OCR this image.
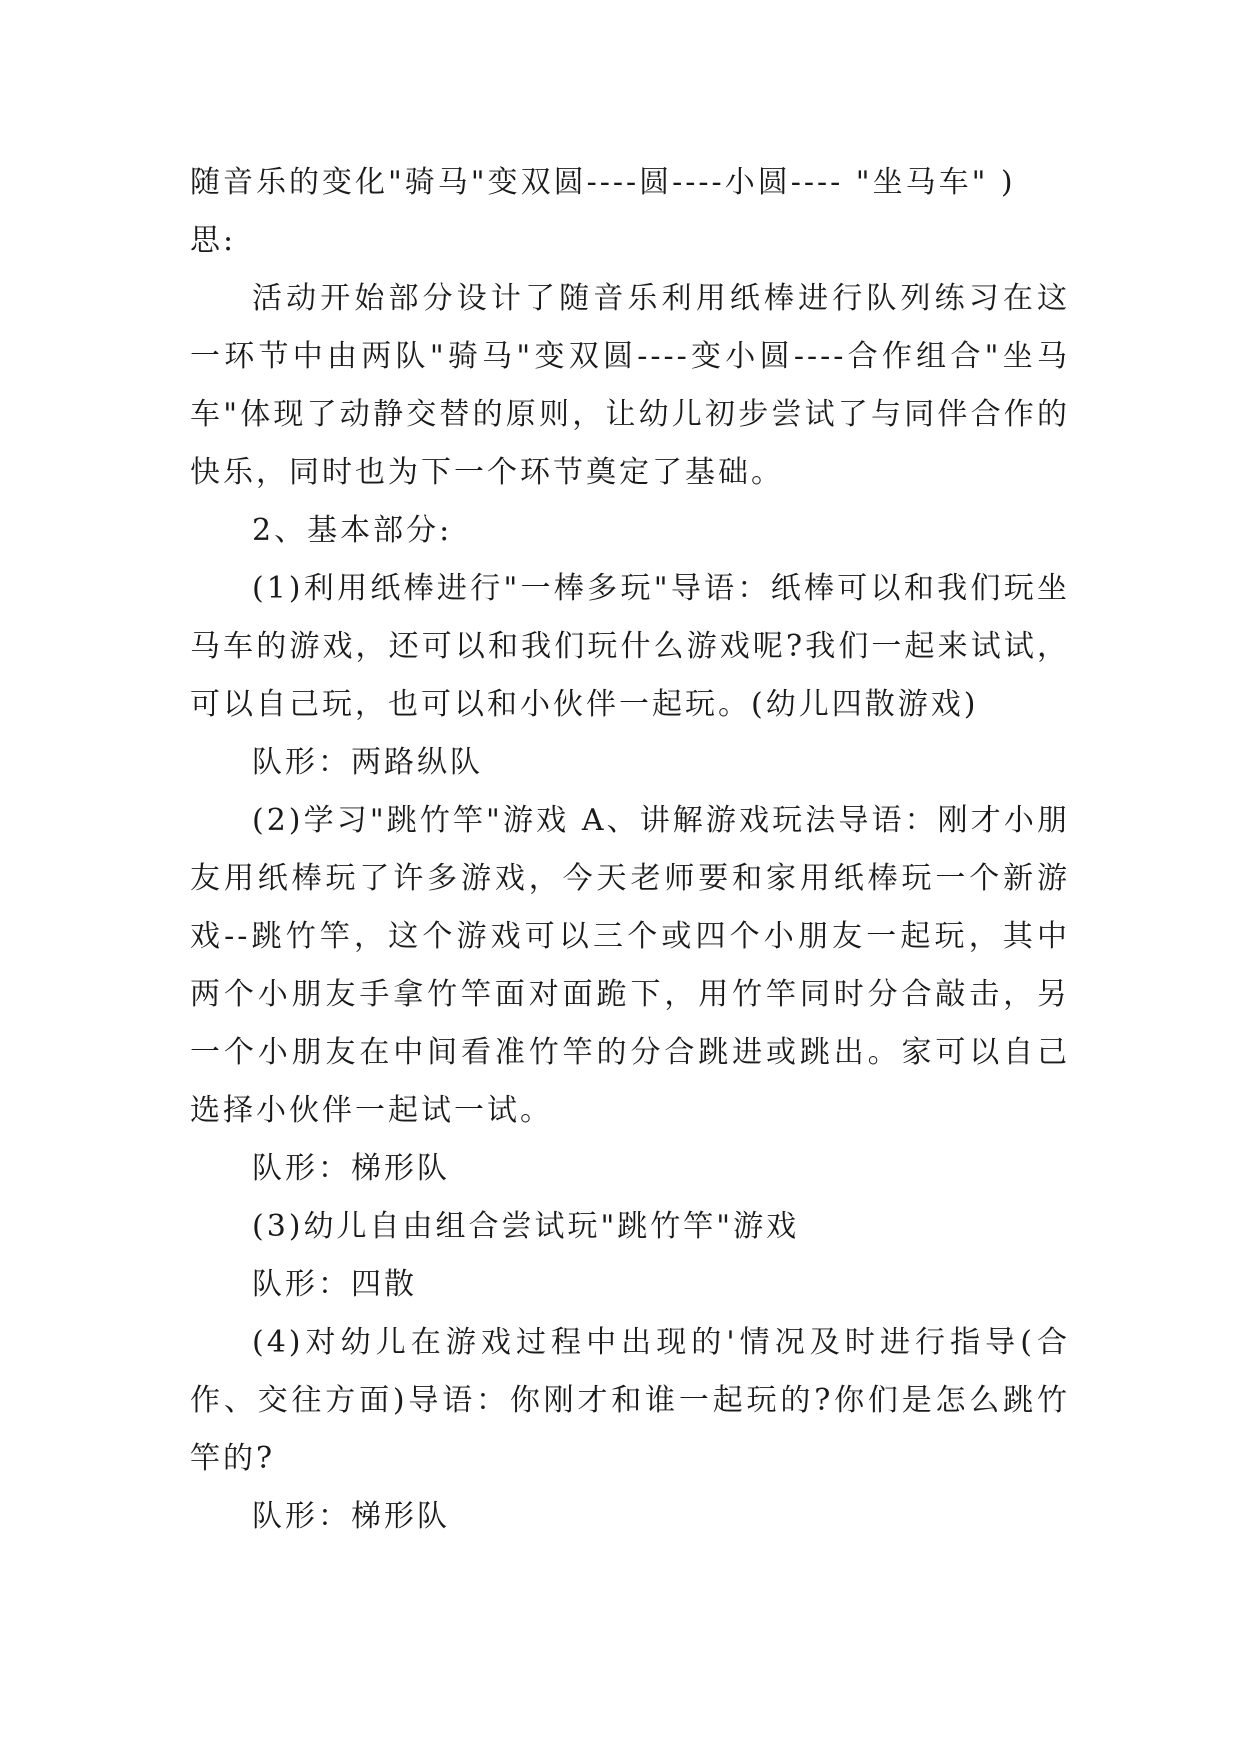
随音乐的变化"骑马"变双圆----圆----小圆---- "坐马车" )

思:

活动开始部分设计了随音乐利用纸棒进行队列练习在这一环节中由两队"骑马"变双圆----变小圆----合作组合"坐马车"体现了动静交替的原则，让幼儿初步尝试了与同伴合作的快乐，同时也为下一个环节奠定了基础。

2、基本部分:

(1)利用纸棒进行"一棒多玩"导语：纸棒可以和我们玩坐马车的游戏，还可以和我们玩什么游戏呢?我们一起来试试，可以自己玩，也可以和小伙伴一起玩。(幼儿四散游戏)

队形：两路纵队

(2)学习"跳竹竿"游戏 A、讲解游戏玩法导语：刚才小朋友用纸棒玩了许多游戏，今天老师要和家用纸棒玩一个新游戏--跳竹竿，这个游戏可以三个或四个小朋友一起玩，其中两个小朋友手拿竹竿面对面跪下，用竹竿同时分合敲击，另一个小朋友在中间看准竹竿的分合跳进或跳出。家可以自己选择小伙伴一起试一试。

队形：梯形队

(3)幼儿自由组合尝试玩"跳竹竿"游戏

队形：四散

(4)对幼儿在游戏过程中出现的'情况及时进行指导(合作、交往方面)导语：你刚才和谁一起玩的?你们是怎么跳竹竿的?

队形：梯形队
